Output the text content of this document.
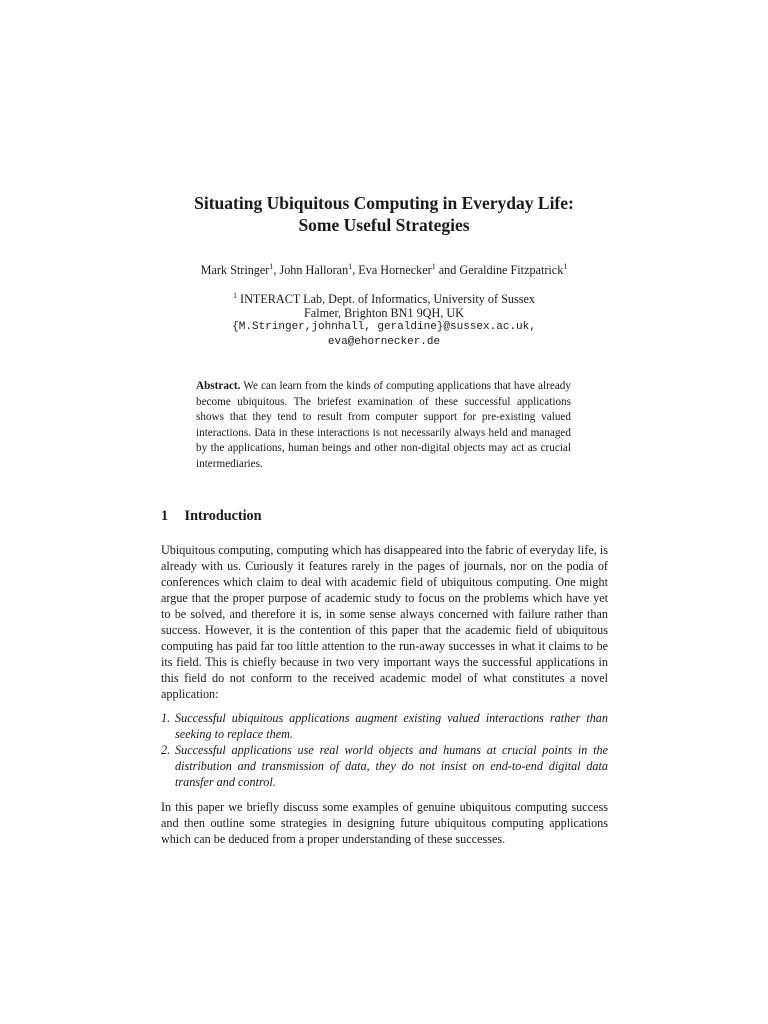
Situating Ubiquitous Computing in Everyday Life:
Some Useful Strategies
Mark Stringer$^1$, John Halloran$^1$, Eva Hornecker$^1$ and Geraldine Fitzpatrick$^1$
$^1$ INTERACT Lab, Dept. of Informatics, University of Sussex
Falmer, Brighton BN1 9QH, UK
{M.Stringer,johnhall, geraldine}@sussex.ac.uk,
eva@ehornecker.de
Abstract. We can learn from the kinds of computing applications that have already become ubiquitous. The briefest examination of these successful applications shows that they tend to result from computer support for pre-existing valued interactions. Data in these interactions is not necessarily always held and managed by the applications, human beings and other non-digital objects may act as crucial intermediaries.
1 Introduction
Ubiquitous computing, computing which has disappeared into the fabric of everyday life, is already with us. Curiously it features rarely in the pages of journals, nor on the podia of conferences which claim to deal with academic field of ubiquitous computing. One might argue that the proper purpose of academic study to focus on the problems which have yet to be solved, and therefore it is, in some sense always concerned with failure rather than success. However, it is the contention of this paper that the academic field of ubiquitous computing has paid far too little attention to the run-away successes in what it claims to be its field. This is chiefly because in two very important ways the successful applications in this field do not conform to the received academic model of what constitutes a novel application:
1. Successful ubiquitous applications augment existing valued interactions rather than seeking to replace them.
2. Successful applications use real world objects and humans at crucial points in the distribution and transmission of data, they do not insist on end-to-end digital data transfer and control.
In this paper we briefly discuss some examples of genuine ubiquitous computing success and then outline some strategies in designing future ubiquitous computing applications which can be deduced from a proper understanding of these successes.
